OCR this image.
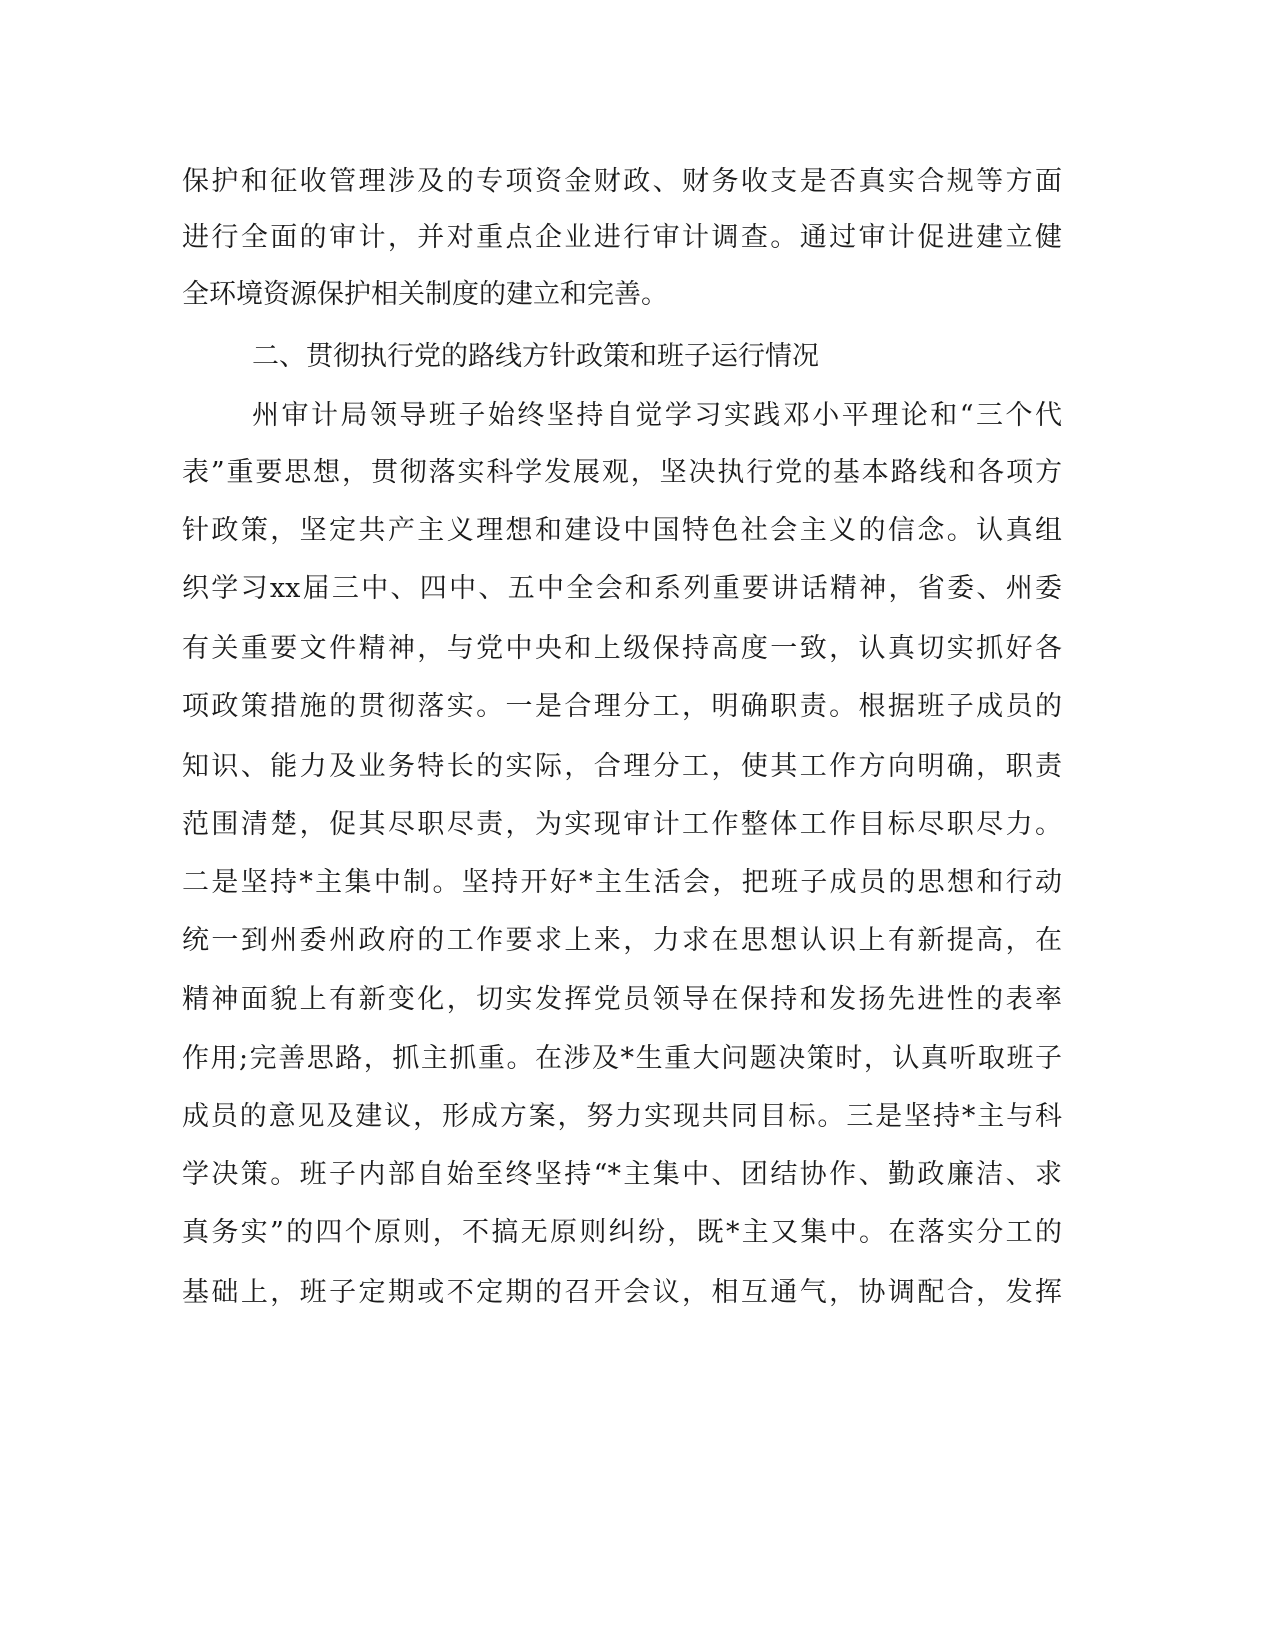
保护和征收管理涉及的专项资金财政、财务收支是否真实合规等方面
进行全面的审计，并对重点企业进行审计调查。通过审计促进建立健
全环境资源保护相关制度的建立和完善。
二、贯彻执行党的路线方针政策和班子运行情况
州审计局领导班子始终坚持自觉学习实践邓小平理论和“三个代
表”重要思想，贯彻落实科学发展观，坚决执行党的基本路线和各项方
针政策，坚定共产主义理想和建设中国特色社会主义的信念。认真组
织学习xx届三中、四中、五中全会和系列重要讲话精神，省委、州委
有关重要文件精神，与党中央和上级保持高度一致，认真切实抓好各
项政策措施的贯彻落实。一是合理分工，明确职责。根据班子成员的
知识、能力及业务特长的实际，合理分工，使其工作方向明确，职责
范围清楚，促其尽职尽责，为实现审计工作整体工作目标尽职尽力。
二是坚持*主集中制。坚持开好*主生活会，把班子成员的思想和行动
统一到州委州政府的工作要求上来，力求在思想认识上有新提高，在
精神面貌上有新变化，切实发挥党员领导在保持和发扬先进性的表率
作用;完善思路，抓主抓重。在涉及*生重大问题决策时，认真听取班子
成员的意见及建议，形成方案，努力实现共同目标。三是坚持*主与科
学决策。班子内部自始至终坚持“*主集中、团结协作、勤政廉洁、求
真务实”的四个原则，不搞无原则纠纷，既*主又集中。在落实分工的
基础上，班子定期或不定期的召开会议，相互通气，协调配合，发挥
